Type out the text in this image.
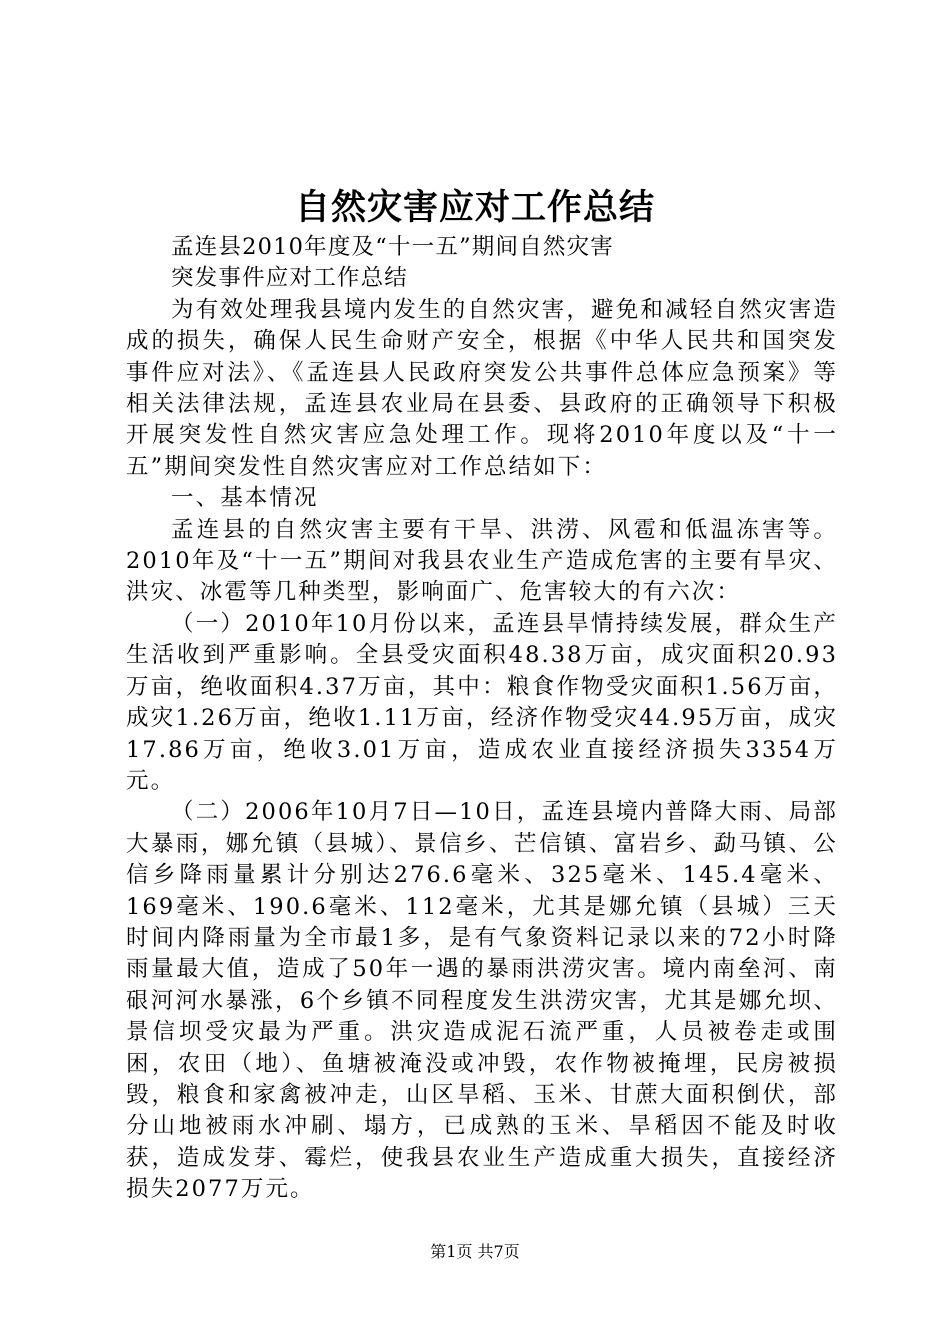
自然灾害应对工作总结

孟连县2010年度及“十一五”期间自然灾害

突发事件应对工作总结

为有效处理我县境内发生的自然灾害，避免和减轻自然灾害造成的损失，确保人民生命财产安全，根据《中华人民共和国突发事件应对法》、《孟连县人民政府突发公共事件总体应急预案》等相关法律法规，孟连县农业局在县委、县政府的正确领导下积极开展突发性自然灾害应急处理工作。现将2010年度以及“十一五”期间突发性自然灾害应对工作总结如下：

一、基本情况

孟连县的自然灾害主要有干旱、洪涝、风雹和低温冻害等。2010年及“十一五”期间对我县农业生产造成危害的主要有旱灾、洪灾、冰雹等几种类型，影响面广、危害较大的有六次：

（一）2010年10月份以来，孟连县旱情持续发展，群众生产生活收到严重影响。全县受灾面积48.38万亩，成灾面积20.93万亩，绝收面积4.37万亩，其中：粮食作物受灾面积1.56万亩，成灾1.26万亩，绝收1.11万亩，经济作物受灾44.95万亩，成灾17.86万亩，绝收3.01万亩，造成农业直接经济损失3354万元。

（二）2006年10月7日—10日，孟连县境内普降大雨、局部大暴雨，娜允镇（县城）、景信乡、芒信镇、富岩乡、勐马镇、公信乡降雨量累计分别达276.6毫米、325毫米、145.4毫米、169毫米、190.6毫米、112毫米，尤其是娜允镇（县城）三天时间内降雨量为全市最1多，是有气象资料记录以来的72小时降雨量最大值，造成了50年一遇的暴雨洪涝灾害。境内南垒河、南硍河河水暴涨，6个乡镇不同程度发生洪涝灾害，尤其是娜允坝、景信坝受灾最为严重。洪灾造成泥石流严重，人员被卷走或围困，农田（地）、鱼塘被淹没或冲毁，农作物被掩埋，民房被损毁，粮食和家禽被冲走，山区旱稻、玉米、甘蔗大面积倒伏，部分山地被雨水冲刷、塌方，已成熟的玉米、旱稻因不能及时收获，造成发芽、霉烂，使我县农业生产造成重大损失，直接经济损失2077万元。

第1页 共7页
